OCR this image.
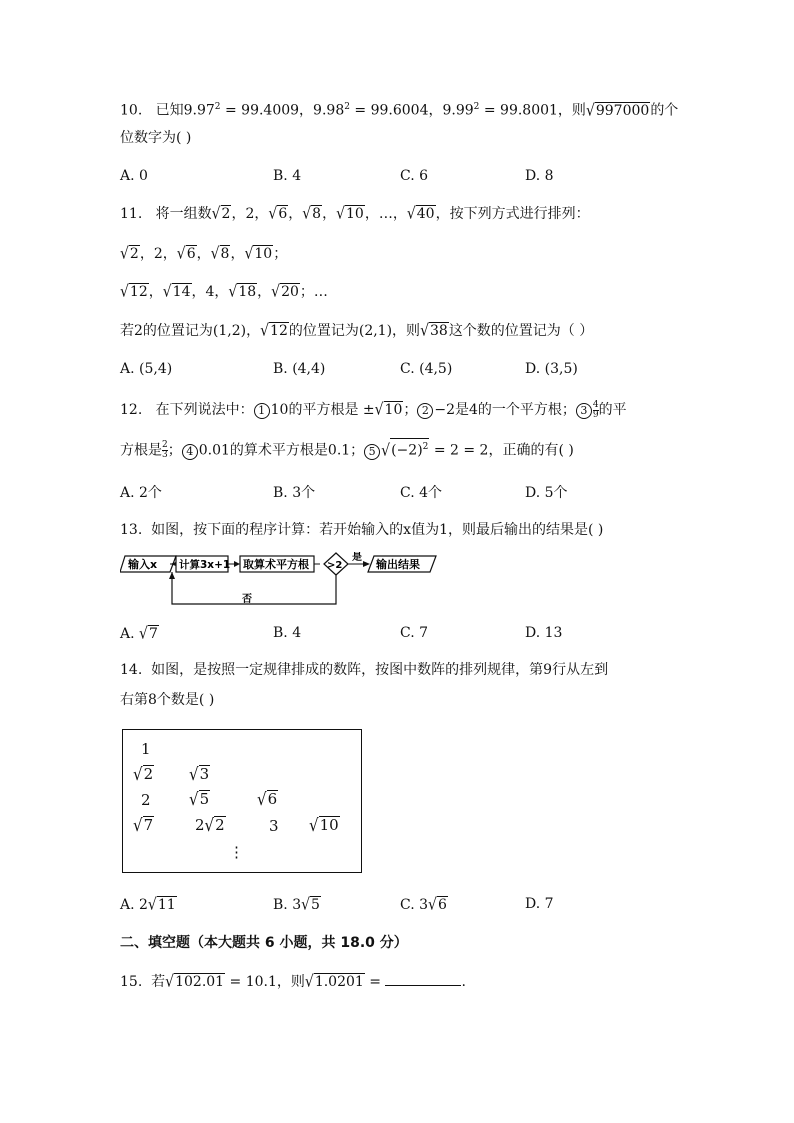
10. 已知$9.97^2 = 99.4009$，$9.98^2 = 99.6004$，$9.99^2 = 99.8001$，则√997000的个
位数字为( )
A. 0	B. 4	C. 6	D. 8
11. 将一组数√2，2，√6，√8，√10，…，√40，按下列方式进行排列：
√2，2，√6，√8，√10；
√12，√14，4，√18，√20；…
若2的位置记为(1,2)，√12的位置记为(2,1)，则√38这个数的位置记为（ ）
A. (5,4)	B. (4,4)	C. (4,5)	D. (3,5)
12. 在下列说法中： 1 10的平方根是 ±√10； 2 −2是4的一个平方根； $3 \frac{4}{9}$ 的平
方根是 $\frac{2}{3}$ ； 4 0.01的算术平方根是0.1； 5 $√(-2)^2 = 2 = 2$，正确的有( )
A. 2个	B. 3个	C. 4个	D. 5个
13. 如图，按下面的程序计算：若开始输入的x值为1，则最后输出的结果是( )
输入x 计算3x+1 取算术平方根 >2
是
输出结果
否
A. √7	B. 4	C. 7	D. 13
14. 如图，是按照一定规律排成的数阵，按图中数阵的排列规律，第9行从左到
右第8个数是( )
1
√2 √3
2	√5	√6
√7	2√2	3 √10
⋮
A. 2√11	B. 3√5	C. 3√6	D. 7
二、填空题（本大题共 6 小题，共 18.0 分）
15. 若√102.01 = 10.1，则√1.0201 =	.
